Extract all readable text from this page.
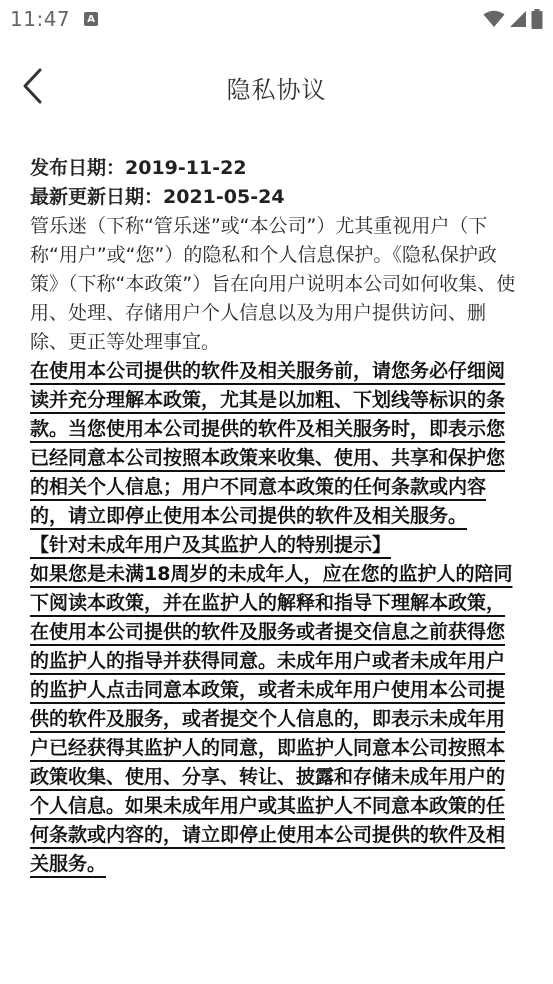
11:47	A
隐私协议

发布日期：2019-11-22

最新更新日期：2021-05-24

管乐迷（下称“管乐迷”或“本公司”）尤其重视用户（下称“用户”或“您”）的隐私和个人信息保护。《隐私保护政策》（下称“本政策”）旨在向用户说明本公司如何收集、使用、处理、存储用户个人信息以及为用户提供访问、删除、更正等处理事宜。

在使用本公司提供的软件及相关服务前，请您务必仔细阅读并充分理解本政策，尤其是以加粗、下划线等标识的条款。当您使用本公司提供的软件及相关服务时，即表示您已经同意本公司按照本政策来收集、使用、共享和保护您的相关个人信息；用户不同意本政策的任何条款或内容的，请立即停止使用本公司提供的软件及相关服务。

【针对未成年用户及其监护人的特别提示】

如果您是未满18周岁的未成年人，应在您的监护人的陪同下阅读本政策，并在监护人的解释和指导下理解本政策，在使用本公司提供的软件及服务或者提交信息之前获得您的监护人的指导并获得同意。未成年用户或者未成年用户的监护人点击同意本政策，或者未成年用户使用本公司提供的软件及服务，或者提交个人信息的，即表示未成年用户已经获得其监护人的同意，即监护人同意本公司按照本政策收集、使用、分享、转让、披露和存储未成年用户的个人信息。如果未成年用户或其监护人不同意本政策的任何条款或内容的，请立即停止使用本公司提供的软件及相关服务。
